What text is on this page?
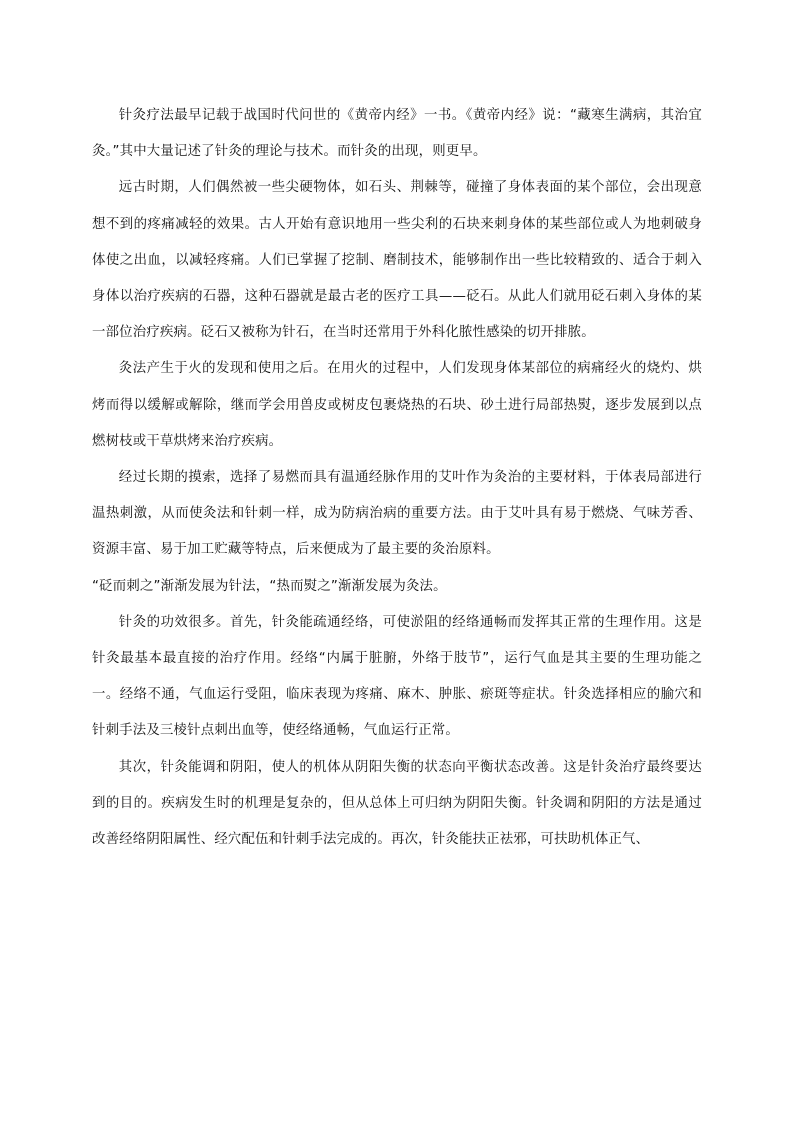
针灸疗法最早记载于战国时代问世的《黄帝内经》一书。《黄帝内经》说：“藏寒生满病，其治宜灸。”其中大量记述了针灸的理论与技术。而针灸的出现，则更早。

远古时期，人们偶然被一些尖硬物体，如石头、荆棘等，碰撞了身体表面的某个部位，会出现意想不到的疼痛减轻的效果。古人开始有意识地用一些尖利的石块来刺身体的某些部位或人为地刺破身体使之出血，以减轻疼痛。人们已掌握了挖制、磨制技术，能够制作出一些比较精致的、适合于刺入身体以治疗疾病的石器，这种石器就是最古老的医疗工具——砭石。从此人们就用砭石刺入身体的某一部位治疗疾病。砭石又被称为针石，在当时还常用于外科化脓性感染的切开排脓。

灸法产生于火的发现和使用之后。在用火的过程中，人们发现身体某部位的病痛经火的烧灼、烘烤而得以缓解或解除，继而学会用兽皮或树皮包裹烧热的石块、砂土进行局部热熨，逐步发展到以点燃树枝或干草烘烤来治疗疾病。

经过长期的摸索，选择了易燃而具有温通经脉作用的艾叶作为灸治的主要材料，于体表局部进行温热刺激，从而使灸法和针刺一样，成为防病治病的重要方法。由于艾叶具有易于燃烧、气味芳香、资源丰富、易于加工贮藏等特点，后来便成为了最主要的灸治原料。

“砭而刺之”渐渐发展为针法，“热而熨之”渐渐发展为灸法。

针灸的功效很多。首先，针灸能疏通经络，可使淤阻的经络通畅而发挥其正常的生理作用。这是针灸最基本最直接的治疗作用。经络“内属于脏腑，外络于肢节”，运行气血是其主要的生理功能之一。经络不通，气血运行受阻，临床表现为疼痛、麻木、肿胀、瘀斑等症状。针灸选择相应的腧穴和针刺手法及三棱针点刺出血等，使经络通畅，气血运行正常。

其次，针灸能调和阴阳，使人的机体从阴阳失衡的状态向平衡状态改善。这是针灸治疗最终要达到的目的。疾病发生时的机理是复杂的，但从总体上可归纳为阴阳失衡。针灸调和阴阳的方法是通过改善经络阴阳属性、经穴配伍和针刺手法完成的。再次，针灸能扶正祛邪，可扶助机体正气、
